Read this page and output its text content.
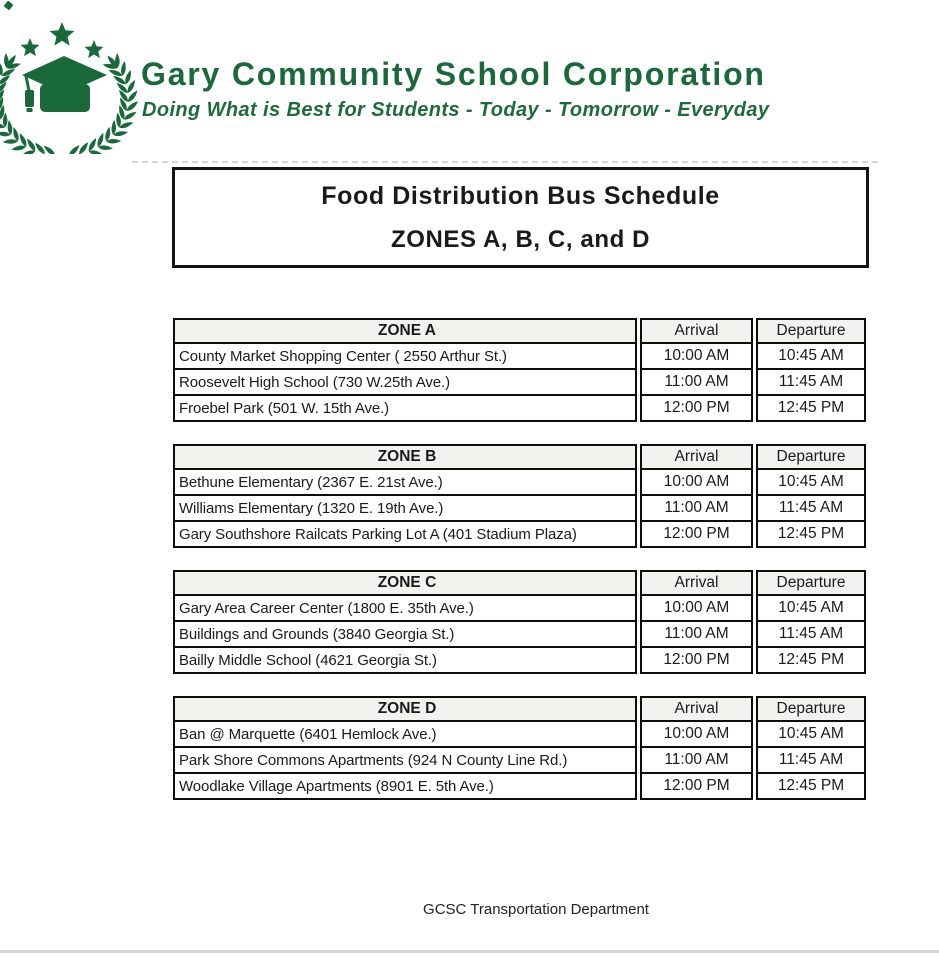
Gary Community School Corporation
Doing What is Best for Students - Today - Tomorrow - Everyday
Food Distribution Bus Schedule
ZONES A, B, C, and D
ZONE A	Arrival	Departure
County Market Shopping Center ( 2550 Arthur St.)	10:00 AM	10:45 AM
Roosevelt High School (730 W.25th Ave.)	11:00 AM	11:45 AM
Froebel Park (501 W. 15th Ave.)	12:00 PM	12:45 PM
ZONE B	Arrival	Departure
Bethune Elementary (2367 E. 21st Ave.)	10:00 AM	10:45 AM
Williams Elementary (1320 E. 19th Ave.)	11:00 AM	11:45 AM
Gary Southshore Railcats Parking Lot A (401 Stadium Plaza)	12:00 PM	12:45 PM
ZONE C	Arrival	Departure
Gary Area Career Center (1800 E. 35th Ave.)	10:00 AM	10:45 AM
Buildings and Grounds (3840 Georgia St.)	11:00 AM	11:45 AM
Bailly Middle School (4621 Georgia St.)	12:00 PM	12:45 PM
ZONE D	Arrival	Departure
Ban @ Marquette (6401 Hemlock Ave.)	10:00 AM	10:45 AM
Park Shore Commons Apartments (924 N County Line Rd.)	11:00 AM	11:45 AM
Woodlake Village Apartments (8901 E. 5th Ave.)	12:00 PM	12:45 PM
GCSC Transportation Department
